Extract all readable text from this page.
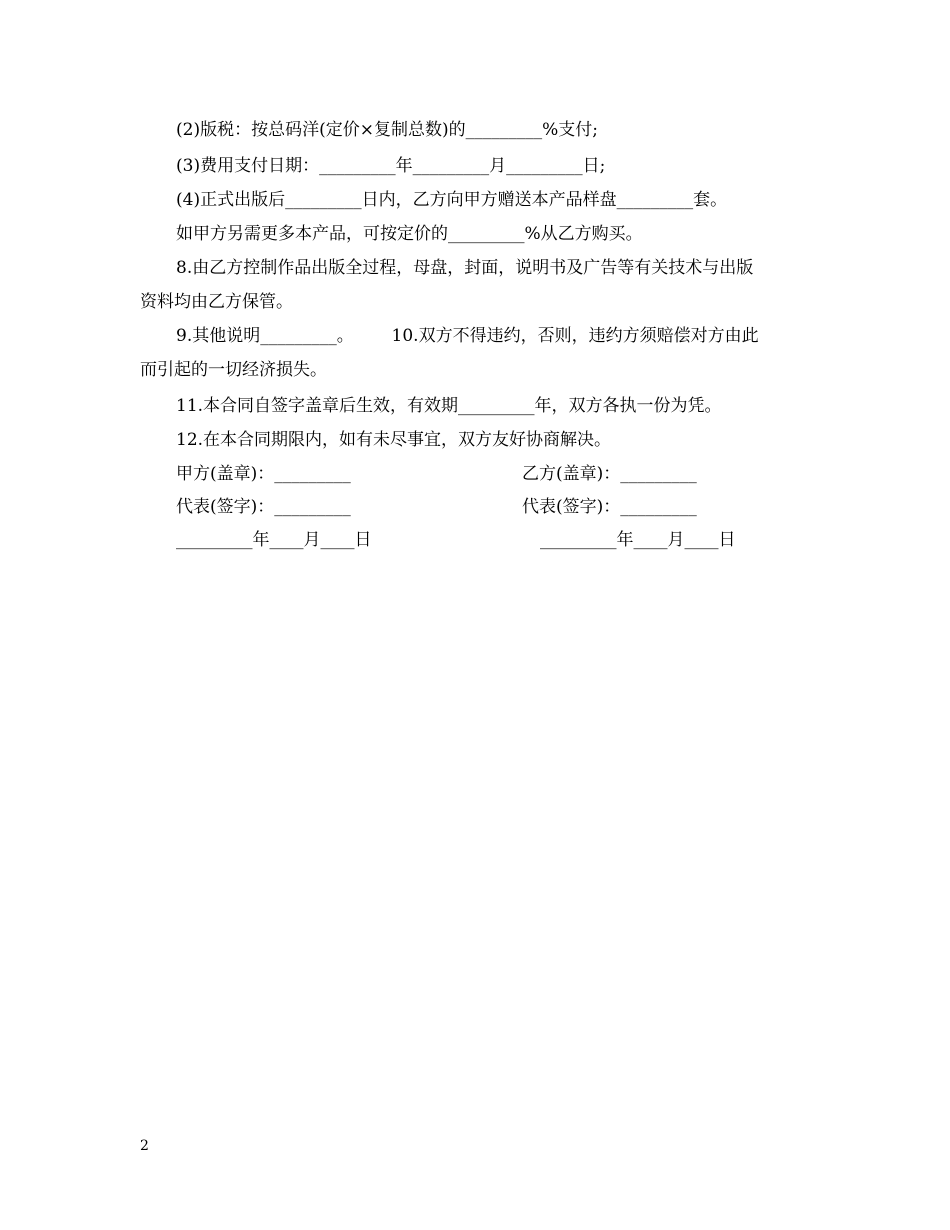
(2)版税：按总码洋(定价×复制总数)的_________%支付;
(3)费用支付日期：_________年_________月_________日;
(4)正式出版后_________日内，乙方向甲方赠送本产品样盘_________套。
如甲方另需更多本产品，可按定价的_________%从乙方购买。
8.由乙方控制作品出版全过程，母盘，封面，说明书及广告等有关技术与出版
资料均由乙方保管。
9.其他说明_________。       10.双方不得违约，否则，违约方须赔偿对方由此
而引起的一切经济损失。
11.本合同自签字盖章后生效，有效期_________年，双方各执一份为凭。
12.在本合同期限内，如有未尽事宜，双方友好协商解决。
甲方(盖章)：_________	乙方(盖章)：_________
代表(签字)：_________	代表(签字)：_________
_________年____月____日	_________年____月____日
2
